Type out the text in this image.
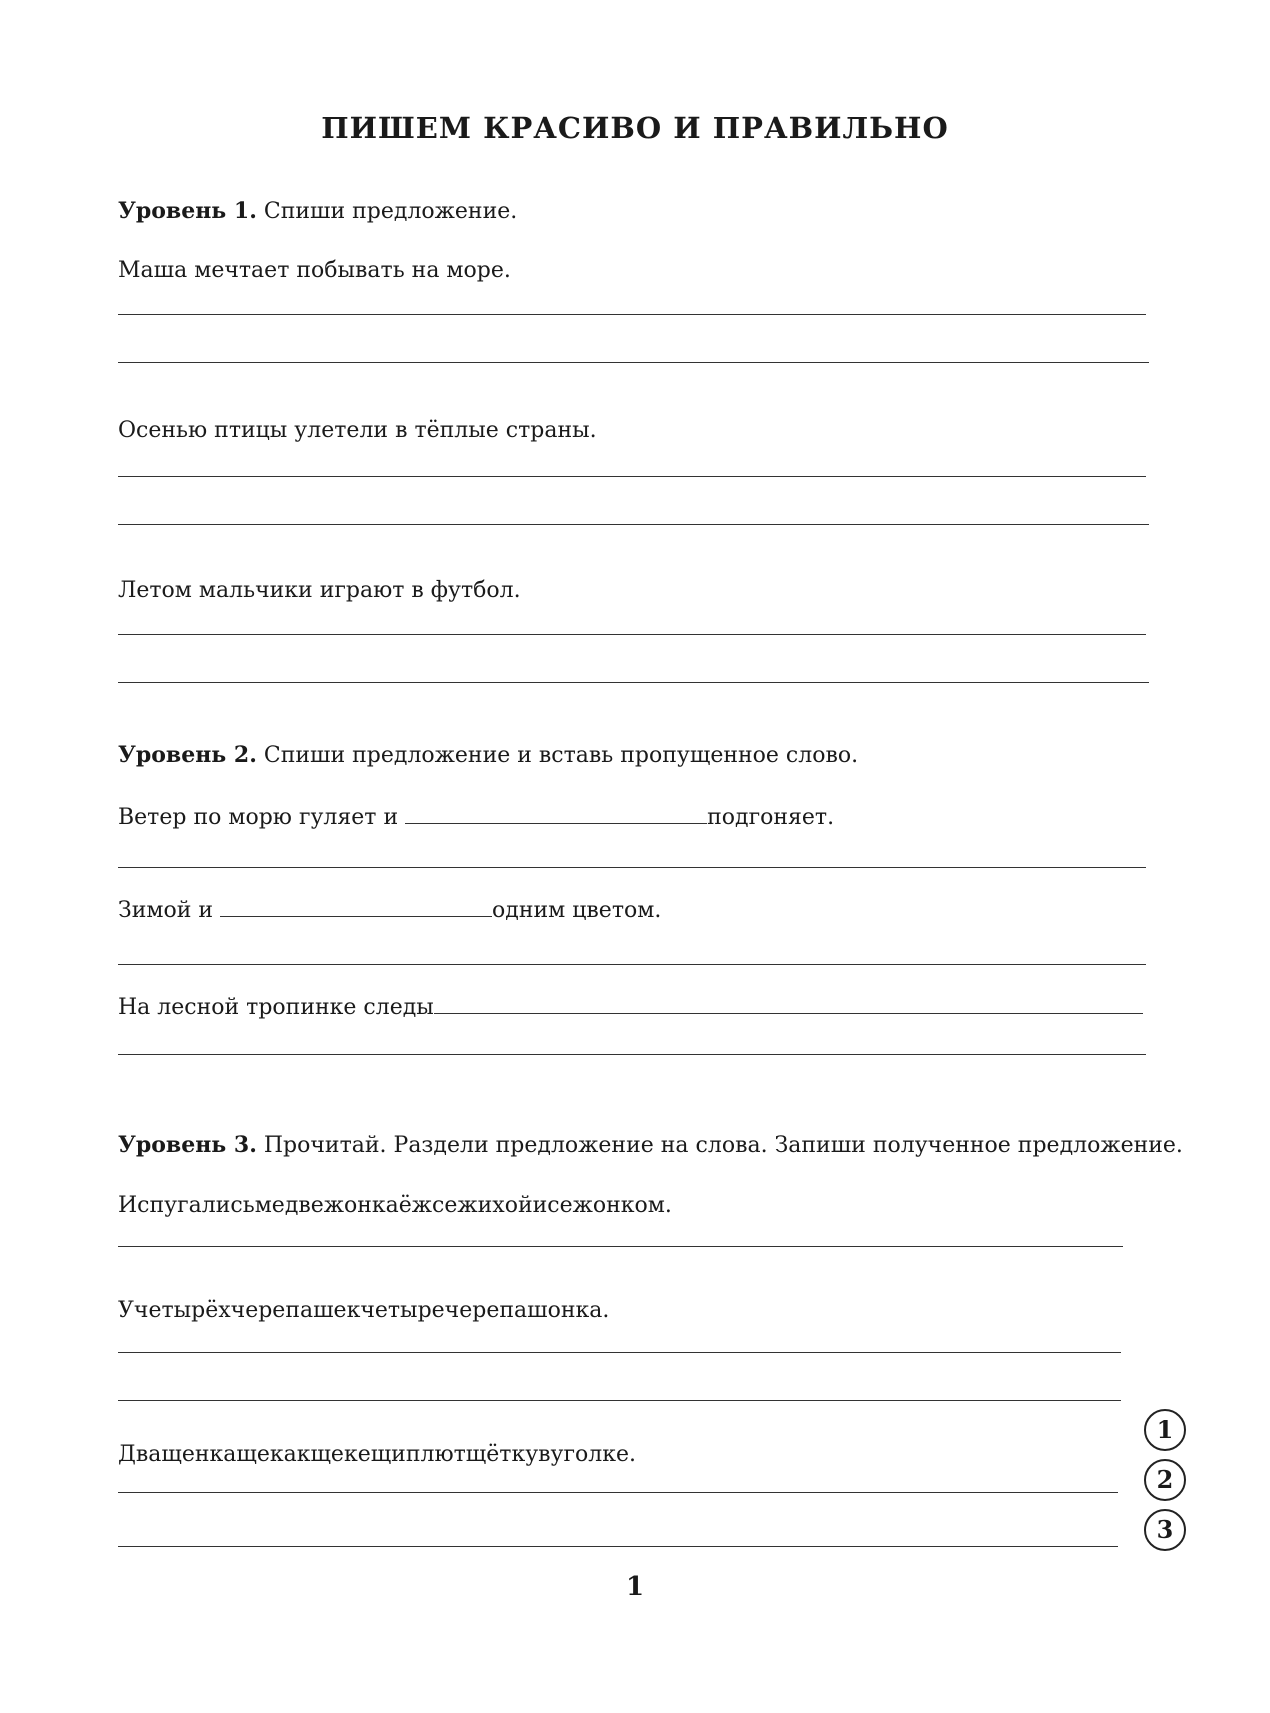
ПИШЕМ КРАСИВО И ПРАВИЛЬНО
Уровень 1. Спиши предложение.
Маша мечтает побывать на море.
Осенью птицы улетели в тёплые страны.
Летом мальчики играют в футбол.
Уровень 2. Спиши предложение и вставь пропущенное слово.
Ветер по морю гуляет и	подгоняет.
Зимой и	одним цветом.
На лесной тропинке следы
Уровень 3. Прочитай. Раздели предложение на слова. Запиши полученное предложение.
Испугалисьмедвежонкаёжсежихойисежонком.
Учетырёхчерепашекчетыречерепашонка.
Дващенкащекакщекещиплютщёткувуголке.
1
2
3
1
